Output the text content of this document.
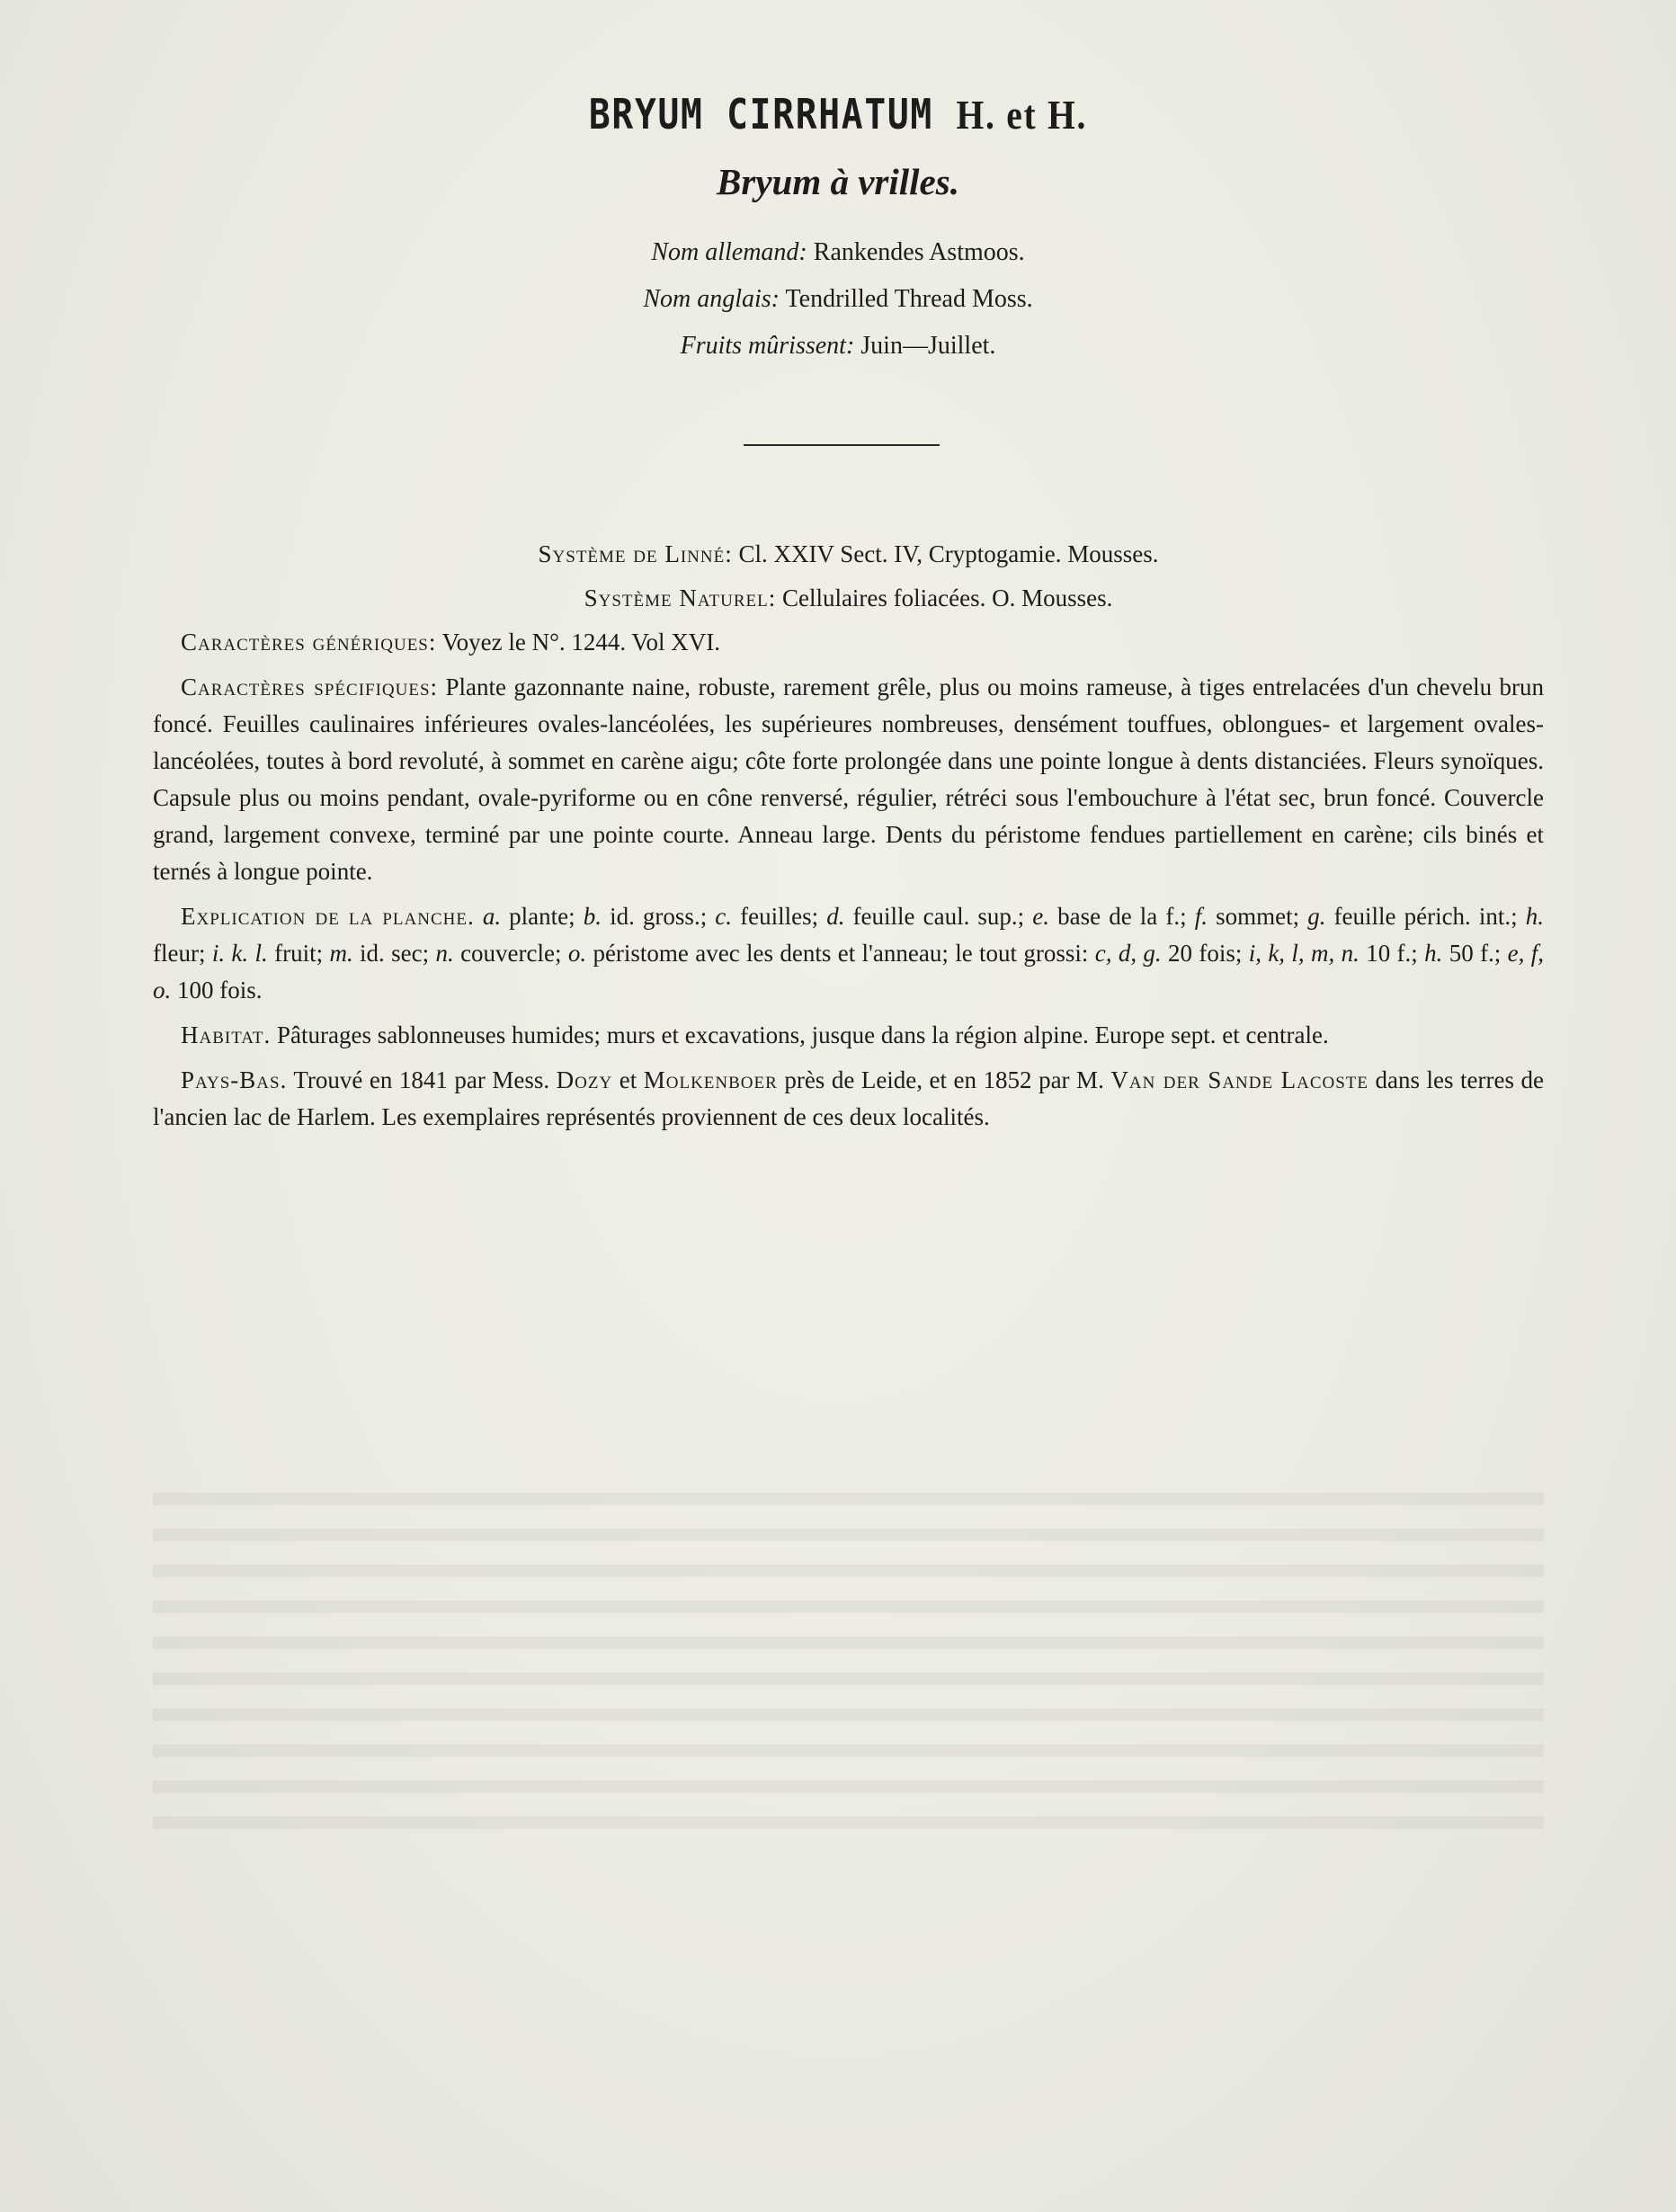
BRYUM CIRRHATUM H. et H.
Bryum à vrilles.
Nom allemand: Rankendes Astmoos.
Nom anglais: Tendrilled Thread Moss.
Fruits mûrissent: Juin—Juillet.

Système de Linné: Cl. XXIV Sect. IV, Cryptogamie. Mousses.

Système Naturel: Cellulaires foliacées. O. Mousses.

Caractères génériques: Voyez le N°. 1244. Vol XVI.

Caractères spécifiques: Plante gazonnante naine, robuste, rarement grêle, plus ou moins rameuse, à tiges entrelacées d'un chevelu brun foncé. Feuilles caulinaires inférieures ovales-lancéolées, les supérieures nombreuses, densément touffues, oblongues- et largement ovales-lancéolées, toutes à bord revoluté, à sommet en carène aigu; côte forte prolongée dans une pointe longue à dents distanciées. Fleurs synoïques. Capsule plus ou moins pendant, ovale-pyriforme ou en cône renversé, régulier, rétréci sous l'embouchure à l'état sec, brun foncé. Couvercle grand, largement convexe, terminé par une pointe courte. Anneau large. Dents du péristome fendues partiellement en carène; cils binés et ternés à longue pointe.

Explication de la planche. a. plante; b. id. gross.; c. feuilles; d. feuille caul. sup.; e. base de la f.; f. sommet; g. feuille périch. int.; h. fleur; i. k. l. fruit; m. id. sec; n. couvercle; o. péristome avec les dents et l'anneau; le tout grossi: c, d, g. 20 fois; i, k, l, m, n. 10 f.; h. 50 f.; e, f, o. 100 fois.

Habitat. Pâturages sablonneuses humides; murs et excavations, jusque dans la région alpine. Europe sept. et centrale.

Pays-Bas. Trouvé en 1841 par Mess. Dozy et Molkenboer près de Leide, et en 1852 par M. Van der Sande Lacoste dans les terres de l'ancien lac de Harlem. Les exemplaires représentés proviennent de ces deux localités.
